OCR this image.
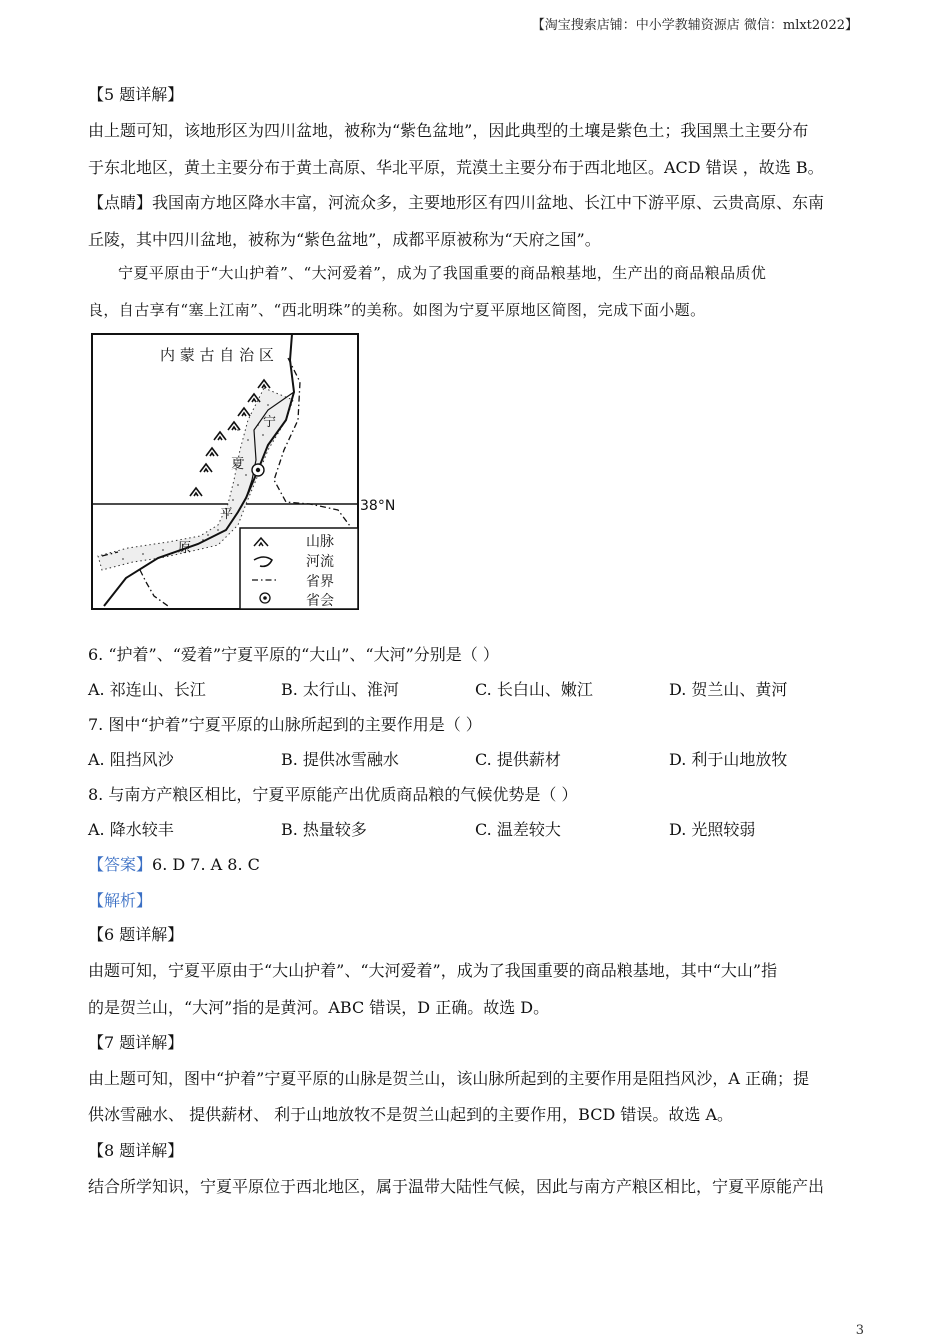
【淘宝搜索店铺：中小学教辅资源店 微信：mlxt2022】
【5 题详解】
由上题可知，该地形区为四川盆地，被称为“紫色盆地”，因此典型的土壤是紫色土；我国黑土主要分布
于东北地区，黄土主要分布于黄土高原、华北平原，荒漠土主要分布于西北地区。ACD 错误 ，故选 B。
【点睛】我国南方地区降水丰富，河流众多，主要地形区有四川盆地、长江中下游平原、云贵高原、东南
丘陵，其中四川盆地，被称为“紫色盆地”，成都平原被称为“天府之国”。
宁夏平原由于“大山护着”、“大河爱着”，成为了我国重要的商品粮基地，生产出的商品粮品质优
良，自古享有“塞上江南”、“西北明珠”的美称。如图为宁夏平原地区简图，完成下面小题。
内 蒙 古 自 治 区
宁
夏
平
原
38°N
山脉
河流
省界
省会
6. “护着”、“爱着”宁夏平原的“大山”、“大河”分别是（ ）
A. 祁连山、长江	B. 太行山、淮河	C. 长白山、嫩江	D. 贺兰山、黄河
7. 图中“护着”宁夏平原的山脉所起到的主要作用是（ ）
A. 阻挡风沙	B. 提供冰雪融水	C. 提供薪材	D. 利于山地放牧
8. 与南方产粮区相比，宁夏平原能产出优质商品粮的气候优势是（ ）
A. 降水较丰	B. 热量较多	C. 温差较大	D. 光照较弱
【答案】6. D 7. A 8. C
【解析】
【6 题详解】
由题可知，宁夏平原由于“大山护着”、“大河爱着”，成为了我国重要的商品粮基地，其中“大山”指
的是贺兰山，“大河”指的是黄河。ABC 错误，D 正确。故选 D。
【7 题详解】
由上题可知，图中“护着”宁夏平原的山脉是贺兰山，该山脉所起到的主要作用是阻挡风沙，A 正确；提
供冰雪融水、 提供薪材、 利于山地放牧不是贺兰山起到的主要作用，BCD 错误。故选 A。
【8 题详解】
结合所学知识，宁夏平原位于西北地区，属于温带大陆性气候，因此与南方产粮区相比，宁夏平原能产出
3
